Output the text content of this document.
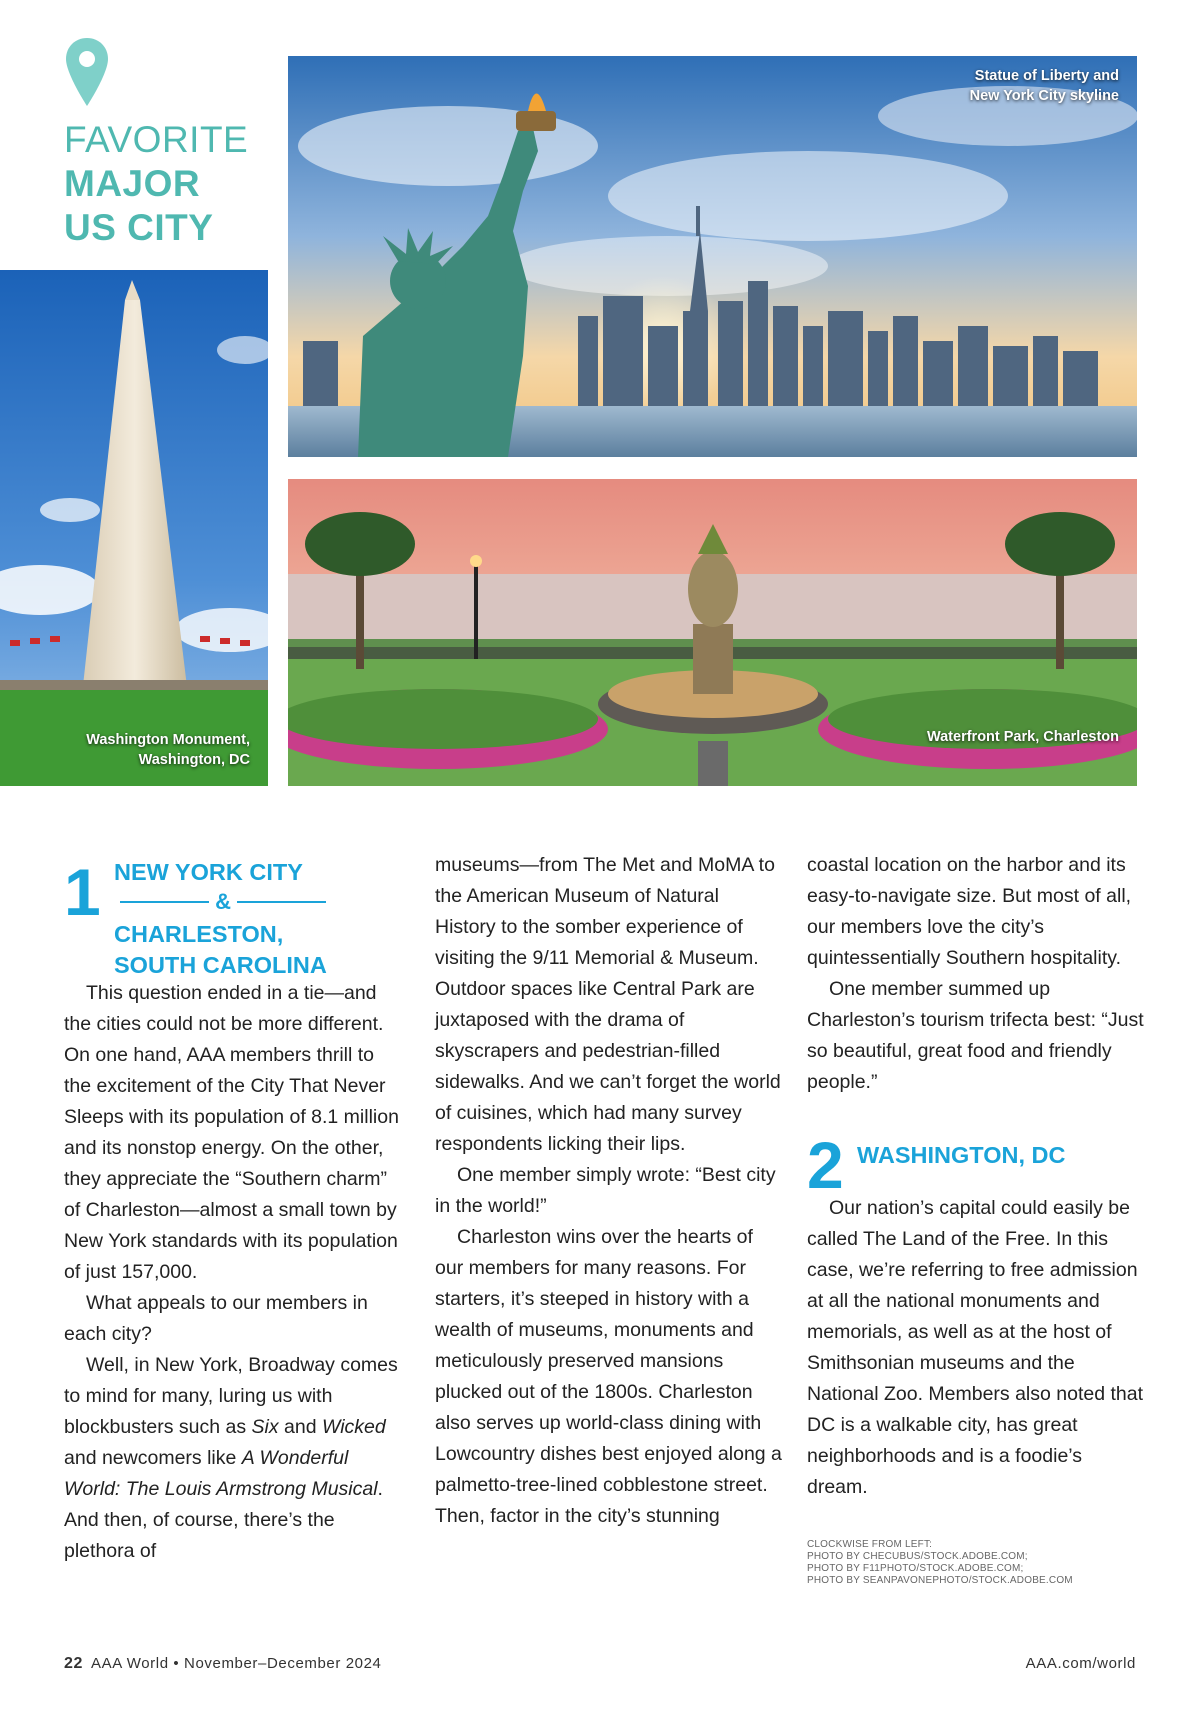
FAVORITE
MAJOR
US CITY
Statue of Liberty and
New York City skyline
Washington Monument,
Washington, DC
Waterfront Park, Charleston
1 NEW YORK CITY
&
CHARLESTON,
SOUTH CAROLINA

This question ended in a tie—and the cities could not be more different. On one hand, AAA members thrill to the excitement of the City That Never Sleeps with its population of 8.1 million and its nonstop energy. On the other, they appreciate the “Southern charm” of Charleston—almost a small town by New York standards with its population of just 157,000.

What appeals to our members in each city?

Well, in New York, Broadway comes to mind for many, luring us with blockbusters such as Six and Wicked and newcomers like A Wonderful World: The Louis Armstrong Musical. And then, of course, there’s the plethora of

museums—from The Met and MoMA to the American Museum of Natural History to the somber experience of visiting the 9/11 Memorial & Museum. Outdoor spaces like Central Park are juxtaposed with the drama of skyscrapers and pedestrian-filled sidewalks. And we can’t forget the world of cuisines, which had many survey respondents licking their lips.

One member simply wrote: “Best city in the world!”

Charleston wins over the hearts of our members for many reasons. For starters, it’s steeped in history with a wealth of museums, monuments and meticulously preserved mansions plucked out of the 1800s. Charleston also serves up world-class dining with Lowcountry dishes best enjoyed along a palmetto-tree-lined cobblestone street. Then, factor in the city’s stunning

coastal location on the harbor and its easy-to-navigate size. But most of all, our members love the city’s quintessentially Southern hospitality.

One member summed up Charleston’s tourism trifecta best: “Just so beautiful, great food and friendly people.”

2 WASHINGTON, DC

Our nation’s capital could easily be called The Land of the Free. In this case, we’re referring to free admission at all the national monuments and memorials, as well as at the host of Smithsonian museums and the National Zoo. Members also noted that DC is a walkable city, has great neighborhoods and is a foodie’s dream.

CLOCKWISE FROM LEFT:
PHOTO BY CHECUBUS/STOCK.ADOBE.COM;
PHOTO BY F11PHOTO/STOCK.ADOBE.COM;
PHOTO BY SEANPAVONEPHOTO/STOCK.ADOBE.COM
22 AAA World • November–December 2024	AAA.com/world
